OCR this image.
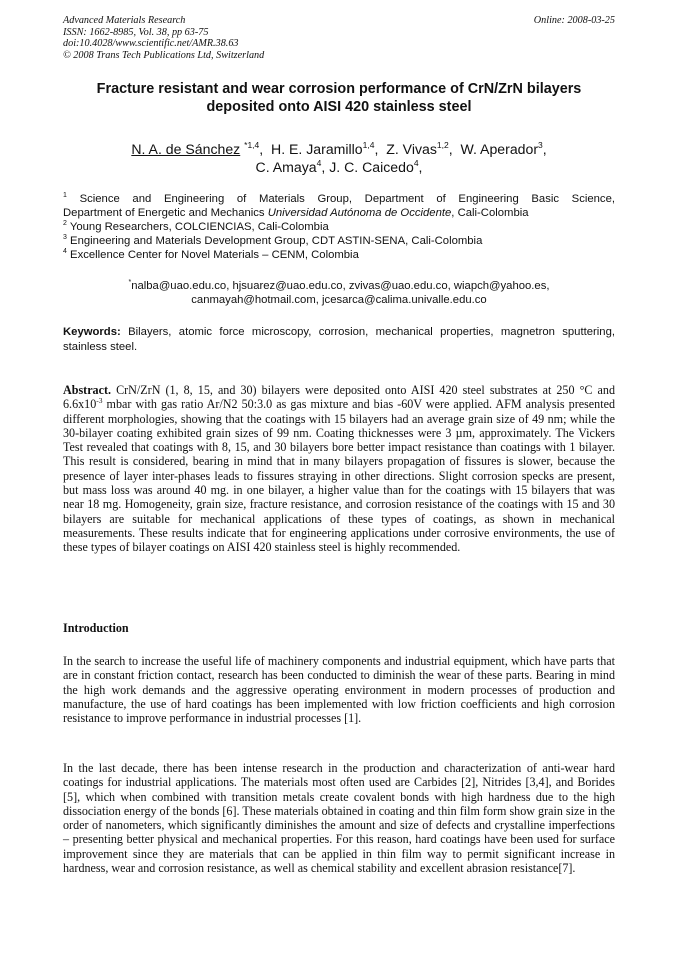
Advanced Materials Research
ISSN: 1662-8985, Vol. 38, pp 63-75
doi:10.4028/www.scientific.net/AMR.38.63
© 2008 Trans Tech Publications Ltd, Switzerland
Online: 2008-03-25
Fracture resistant and wear corrosion performance of CrN/ZrN bilayers
deposited onto AISI 420 stainless steel
N. A. de Sánchez $^{*1,4}$,  H. E. Jaramillo$^{1,4}$,  Z. Vivas$^{1,2}$,  W. Aperador$^3$,
C. Amaya$^4$, J. C. Caicedo$^4$,

$^1$ Science and Engineering of Materials Group, Department of Engineering Basic Science,

Department of Energetic and Mechanics Universidad Autónoma de Occidente, Cali-Colombia

$^2$ Young Researchers, COLCIENCIAS, Cali-Colombia

$^3$ Engineering and Materials Development Group, CDT ASTIN-SENA, Cali-Colombia

$^4$ Excellence Center for Novel Materials – CENM, Colombia

*nalba@uao.edu.co, hjsuarez@uao.edu.co, zvivas@uao.edu.co, wiapch@yahoo.es,
canmayah@hotmail.com, jcesarca@calima.univalle.edu.co
Keywords: Bilayers, atomic force microscopy, corrosion, mechanical properties, magnetron sputtering, stainless steel.
Abstract. CrN/ZrN (1, 8, 15, and 30) bilayers were deposited onto AISI 420 steel substrates at 250 °C and $6.6x10^{-3}$ mbar with gas ratio Ar/N2 50:3.0 as gas mixture and bias -60V were applied. AFM analysis presented different morphologies, showing that the coatings with 15 bilayers had an average grain size of 49 nm; while the 30-bilayer coating exhibited grain sizes of 99 nm. Coating thicknesses were 3 µm, approximately. The Vickers Test revealed that coatings with 8, 15, and 30 bilayers bore better impact resistance than coatings with 1 bilayer. This result is considered, bearing in mind that in many bilayers propagation of fissures is slower, because the presence of layer inter-phases leads to fissures straying in other directions. Slight corrosion specks are present, but mass loss was around 40 mg. in one bilayer, a higher value than for the coatings with 15 bilayers that was near 18 mg. Homogeneity, grain size, fracture resistance, and corrosion resistance of the coatings with 15 and 30 bilayers are suitable for mechanical applications of these types of coatings, as shown in mechanical measurements. These results indicate that for engineering applications under corrosive environments, the use of these types of bilayer coatings on AISI 420 stainless steel is highly recommended.
Introduction
In the search to increase the useful life of machinery components and industrial equipment, which have parts that are in constant friction contact, research has been conducted to diminish the wear of these parts. Bearing in mind the high work demands and the aggressive operating environment in modern processes of production and manufacture, the use of hard coatings has been implemented with low friction coefficients and high corrosion resistance to improve performance in industrial processes [1].
In the last decade, there has been intense research in the production and characterization of anti-wear hard coatings for industrial applications. The materials most often used are Carbides [2], Nitrides [3,4], and Borides [5], which when combined with transition metals create covalent bonds with high hardness due to the high dissociation energy of the bonds [6]. These materials obtained in coating and thin film form show grain size in the order of nanometers, which significantly diminishes the amount and size of defects and crystalline imperfections – presenting better physical and mechanical properties. For this reason, hard coatings have been used for surface improvement since they are materials that can be applied in thin film way to permit significant increase in hardness, wear and corrosion resistance, as well as chemical stability and excellent abrasion resistance[7].
